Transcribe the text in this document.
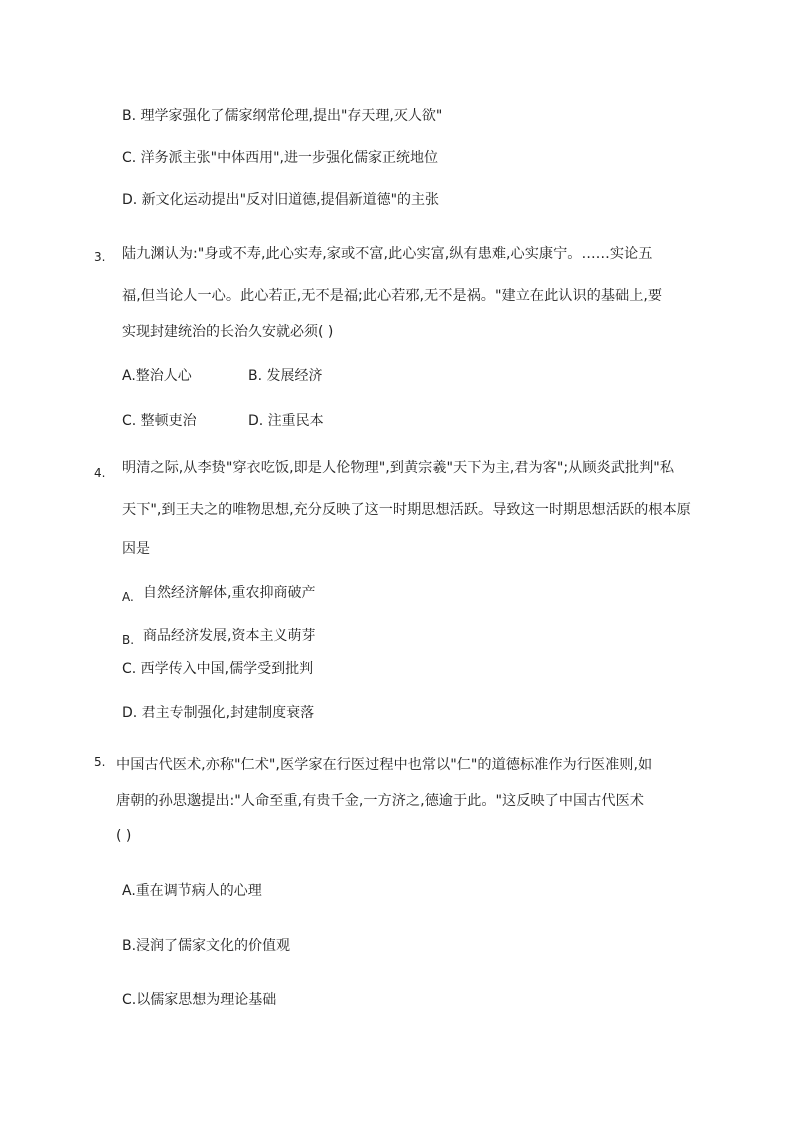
B. 理学家强化了儒家纲常伦理,提出"存天理,灭人欲"
C. 洋务派主张"中体西用",进一步强化儒家正统地位
D. 新文化运动提出"反对旧道德,提倡新道德"的主张
3. 陆九渊认为:"身或不寿,此心实寿,家或不富,此心实富,纵有患难,心实康宁。……实论五
福,但当论人一心。此心若正,无不是福;此心若邪,无不是祸。"建立在此认识的基础上,要
实现封建统治的长治久安就必须( )
A.整治人心	B. 发展经济
C. 整顿吏治	D. 注重民本
4. 明清之际,从李贽"穿衣吃饭,即是人伦物理",到黄宗羲"天下为主,君为客";从顾炎武批判"私
天下",到王夫之的唯物思想,充分反映了这一时期思想活跃。导致这一时期思想活跃的根本原
因是
A. 自然经济解体,重农抑商破产
B. 商品经济发展,资本主义萌芽
C. 西学传入中国,儒学受到批判
D. 君主专制强化,封建制度衰落
5. 中国古代医术,亦称"仁术",医学家在行医过程中也常以"仁"的道德标准作为行医准则,如
唐朝的孙思邈提出:"人命至重,有贵千金,一方济之,德逾于此。"这反映了中国古代医术
( )
A.重在调节病人的心理
B.浸润了儒家文化的价值观
C.以儒家思想为理论基础
